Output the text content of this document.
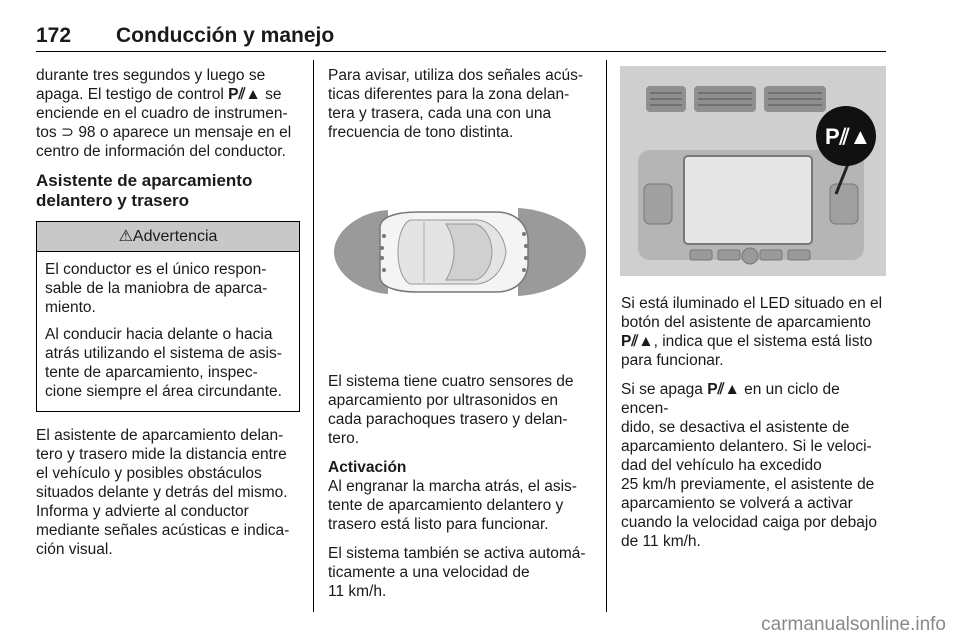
172 Conducción y manejo

durante tres segundos y luego se
apaga. El testigo de control P⫽▲ se
enciende en el cuadro de instrumen-
tos ⊃ 98 o aparece un mensaje en el
centro de información del conductor.

Asistente de aparcamiento
delantero y trasero
⚠Advertencia

El conductor es el único respon-
sable de la maniobra de aparca-
miento.

Al conducir hacia delante o hacia
atrás utilizando el sistema de asis-
tente de aparcamiento, inspec-
cione siempre el área circundante.

El asistente de aparcamiento delan-
tero y trasero mide la distancia entre
el vehículo y posibles obstáculos
situados delante y detrás del mismo.
Informa y advierte al conductor
mediante señales acústicas e indica-
ción visual.

Para avisar, utiliza dos señales acús-
ticas diferentes para la zona delan-
tera y trasera, cada una con una
frecuencia de tono distinta.

El sistema tiene cuatro sensores de
aparcamiento por ultrasonidos en
cada parachoques trasero y delan-
tero.

Activación

Al engranar la marcha atrás, el asis-
tente de aparcamiento delantero y
trasero está listo para funcionar.

El sistema también se activa automá-
ticamente a una velocidad de
11 km/h.

P⫽▲

Si está iluminado el LED situado en el
botón del asistente de aparcamiento
P⫽▲, indica que el sistema está listo
para funcionar.

Si se apaga P⫽▲ en un ciclo de encen-
dido, se desactiva el asistente de
aparcamiento delantero. Si le veloci-
dad del vehículo ha excedido
25 km/h previamente, el asistente de
aparcamiento se volverá a activar
cuando la velocidad caiga por debajo
de 11 km/h.

carmanualsonline.info
